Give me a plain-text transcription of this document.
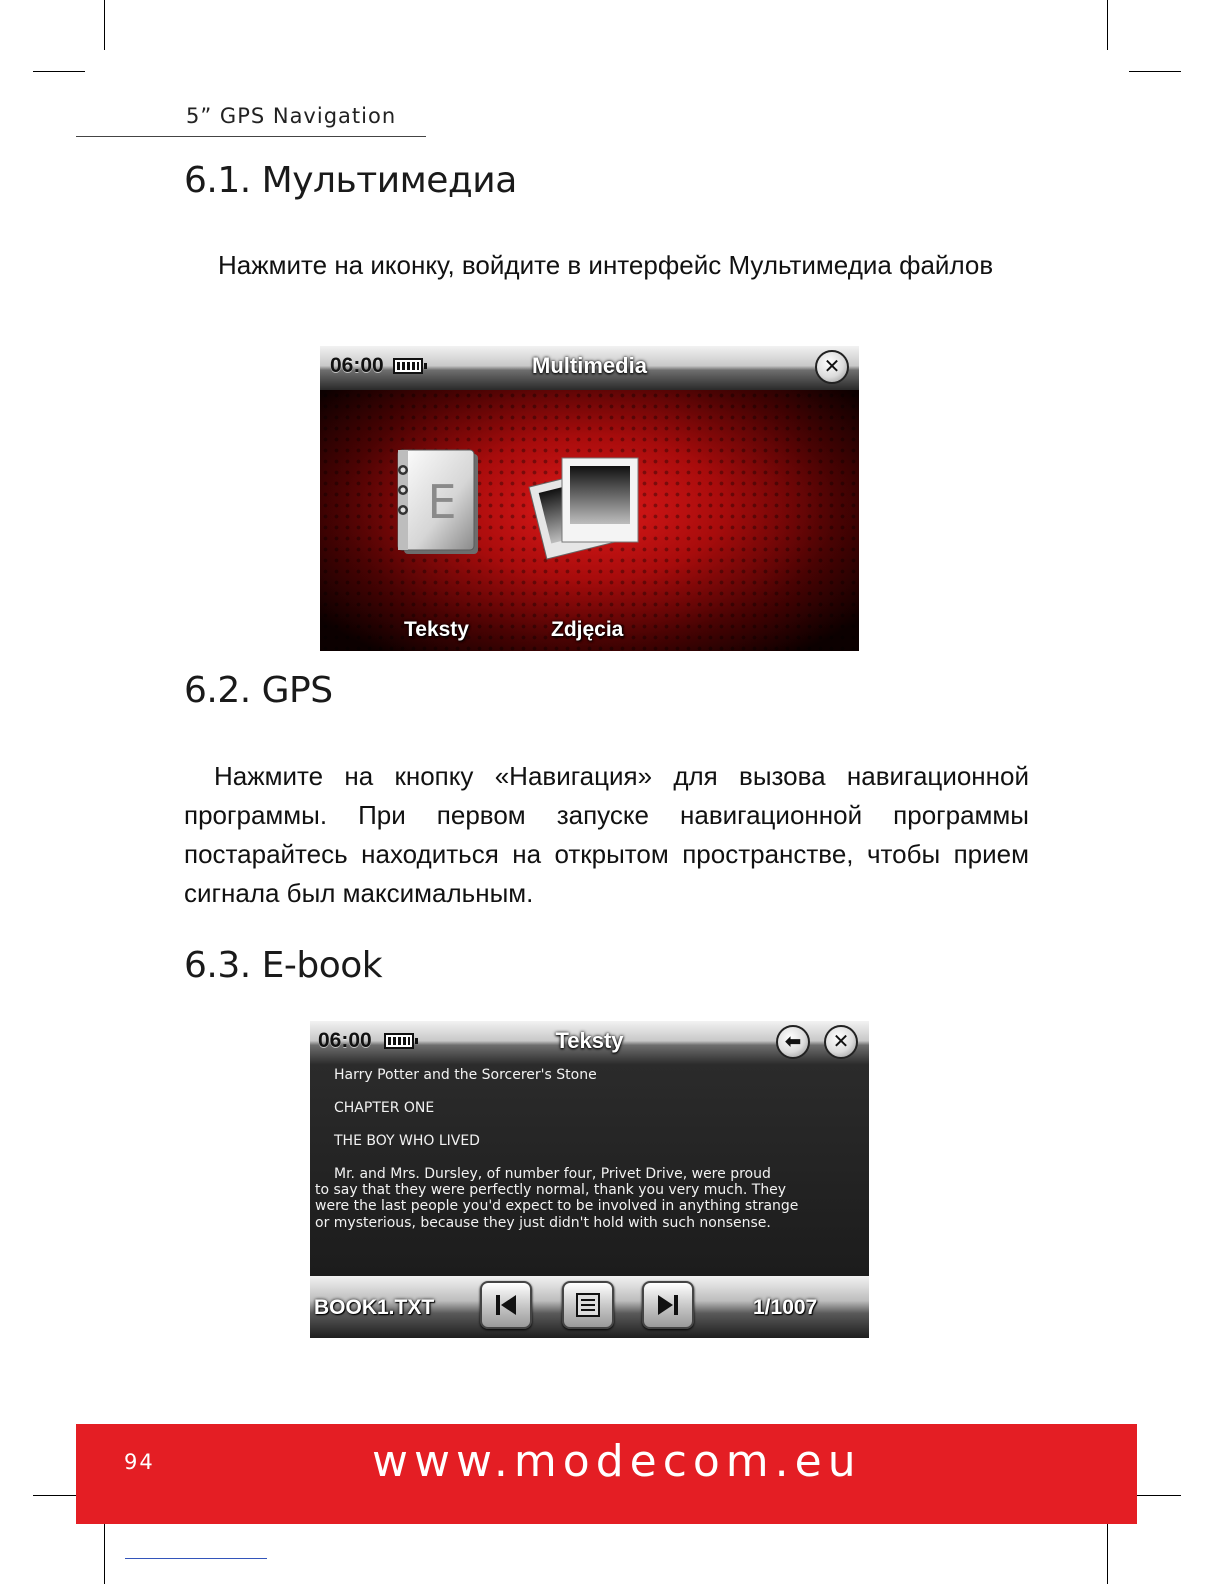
5” GPS Navigation
6.1. Мультимедиа

Нажмите на иконку, войдите в интерфейс Мультимедиа файлов

06:00	Multimedia	✕
E
Teksty	Zdjęcia
6.2. GPS

Нажмите на кнопку «Навигация» для вызова навигационной программы. При первом запуске навигационной программы постарайтесь находиться на открытом пространстве, чтобы прием сигнала был максимальным.

6.3. E-book
06:00	Teksty	⬅	✕

Harry Potter and the Sorcerer's Stone

CHAPTER ONE

THE BOY WHO LIVED

Mr. and Mrs. Dursley, of number four, Privet Drive, were proud

to say that they were perfectly normal, thank you very much. They

were the last people you'd expect to be involved in anything strange

or mysterious, because they just didn't hold with such nonsense.

BOOK1.TXT	1/1007
94	www.modecom.eu
